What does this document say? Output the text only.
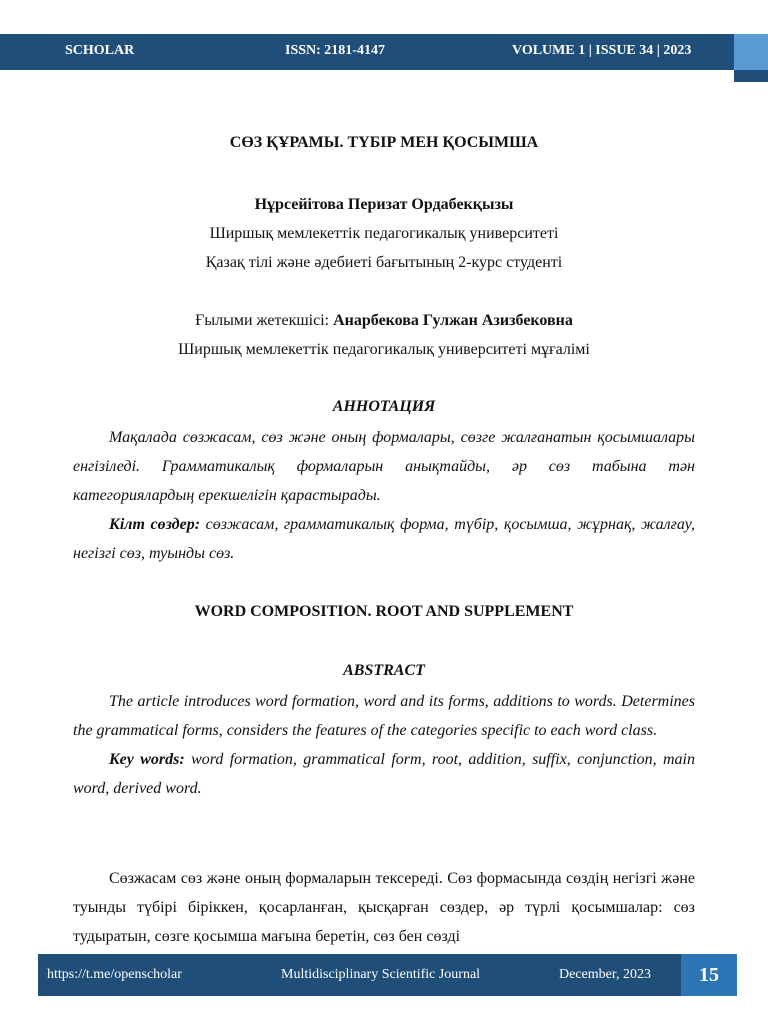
SCHOLAR	ISSN: 2181-4147	VOLUME 1 | ISSUE 34 | 2023
СӨЗ ҚҰРАМЫ. ТҮБІР МЕН ҚОСЫМША
Нұрсейітова Перизат Ордабекқызы
Ширшық мемлекеттік педагогикалық университеті
Қазақ тілі және әдебиеті бағытының 2-курс студенті
Ғылыми жетекшісі: Анарбекова Гулжан Азизбековна
Ширшық мемлекеттік педагогикалық университеті мұғалімі
АННОТАЦИЯ

Мақалада сөзжасам, сөз және оның формалары, сөзге жалғанатын қосымшалары енгізіледі. Грамматикалық формаларын анықтайды, әр сөз табына тән категориялардың ерекшелігін қарастырады.

Кілт сөздер: сөзжасам, грамматикалық форма, түбір, қосымша, жұрнақ, жалғау, негізгі сөз, туынды сөз.

WORD COMPOSITION. ROOT AND SUPPLEMENT
ABSTRACT

The article introduces word formation, word and its forms, additions to words. Determines the grammatical forms, considers the features of the categories specific to each word class.

Key words: word formation, grammatical form, root, addition, suffix, conjunction, main word, derived word.

Сөзжасам сөз және оның формаларын тексереді. Сөз формасында сөздің негізгі және туынды түбірі біріккен, қосарланған, қысқарған сөздер, әр түрлі қосымшалар: сөз тудыратын, сөзге қосымша мағына беретін, сөз бен сөзді

https://t.me/openscholar	Multidisciplinary Scientific Journal	December, 2023	15
